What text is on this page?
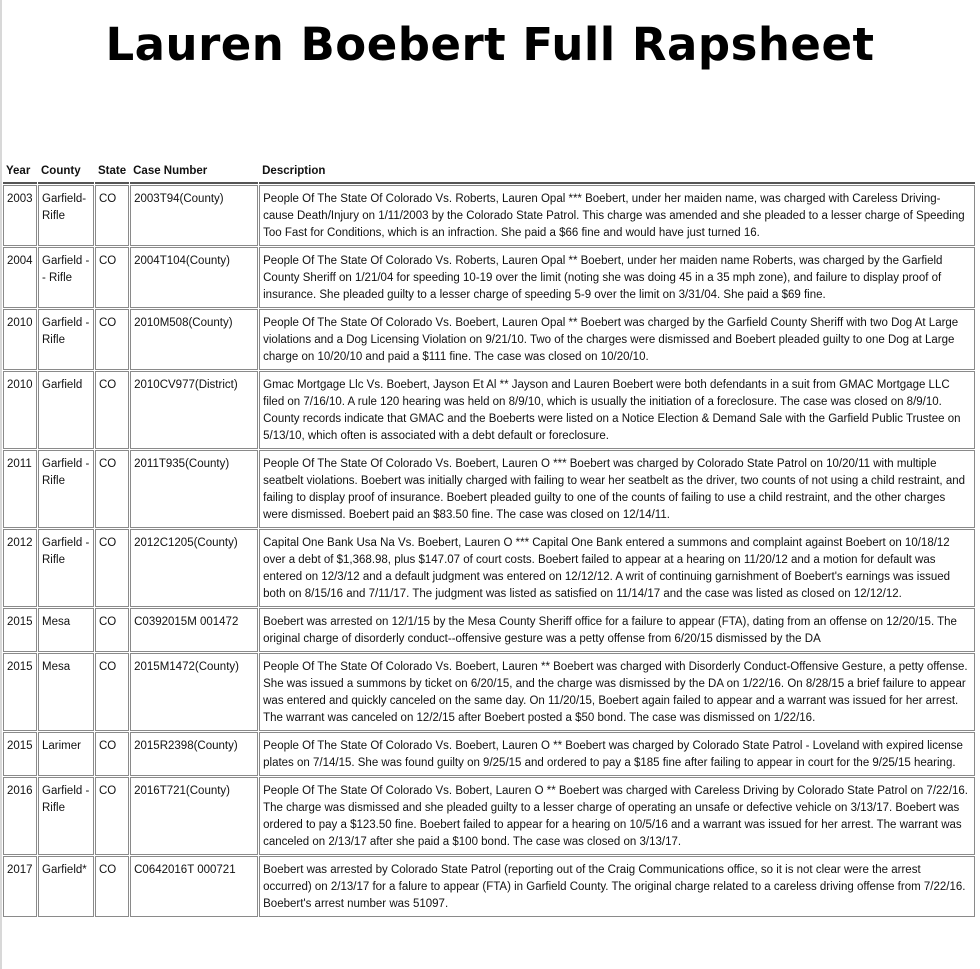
Lauren Boebert Full Rapsheet
Year	County	State	Case Number	Description
2003	Garfield-Rifle	CO	2003T94(County)	People Of The State Of Colorado Vs. Roberts, Lauren Opal *** Boebert, under her maiden name, was charged with Careless Driving-cause Death/Injury on 1/11/2003 by the Colorado State Patrol. This charge was amended and she pleaded to a lesser charge of Speeding Too Fast for Conditions, which is an infraction. She paid a $66 fine and would have just turned 16.
2004	Garfield -- Rifle	CO	2004T104(County)	People Of The State Of Colorado Vs. Roberts, Lauren Opal ** Boebert, under her maiden name Roberts, was charged by the Garfield County Sheriff on 1/21/04 for speeding 10-19 over the limit (noting she was doing 45 in a 35 mph zone), and failure to display proof of insurance. She pleaded guilty to a lesser charge of speeding 5-9 over the limit on 3/31/04. She paid a $69 fine.
2010	Garfield - Rifle	CO	2010M508(County)	People Of The State Of Colorado Vs. Boebert, Lauren Opal ** Boebert was charged by the Garfield County Sheriff with two Dog At Large violations and a Dog Licensing Violation on 9/21/10. Two of the charges were dismissed and Boebert pleaded guilty to one Dog at Large charge on 10/20/10 and paid a $111 fine. The case was closed on 10/20/10.
2010	Garfield	CO	2010CV977(District)	Gmac Mortgage Llc Vs. Boebert, Jayson Et Al ** Jayson and Lauren Boebert were both defendants in a suit from GMAC Mortgage LLC filed on 7/16/10. A rule 120 hearing was held on 8/9/10, which is usually the initiation of a foreclosure. The case was closed on 8/9/10. County records indicate that GMAC and the Boeberts were listed on a Notice Election & Demand Sale with the Garfield Public Trustee on 5/13/10, which often is associated with a debt default or foreclosure.
2011	Garfield - Rifle	CO	2011T935(County)	People Of The State Of Colorado Vs. Boebert, Lauren O *** Boebert was charged by Colorado State Patrol on 10/20/11 with multiple seatbelt violations. Boebert was initially charged with failing to wear her seatbelt as the driver, two counts of not using a child restraint, and failing to display proof of insurance. Boebert pleaded guilty to one of the counts of failing to use a child restraint, and the other charges were dismissed. Boebert paid an $83.50 fine. The case was closed on 12/14/11.
2012	Garfield - Rifle	CO	2012C1205(County)	Capital One Bank Usa Na Vs. Boebert, Lauren O *** Capital One Bank entered a summons and complaint against Boebert on 10/18/12 over a debt of $1,368.98, plus $147.07 of court costs. Boebert failed to appear at a hearing on 11/20/12 and a motion for default was entered on 12/3/12 and a default judgment was entered on 12/12/12. A writ of continuing garnishment of Boebert's earnings was issued both on 8/15/16 and 7/11/17. The judgment was listed as satisfied on 11/14/17 and the case was listed as closed on 12/12/12.
2015	Mesa	CO	C0392015M 001472	Boebert was arrested on 12/1/15 by the Mesa County Sheriff office for a failure to appear (FTA), dating from an offense on 12/20/15. The original charge of disorderly conduct--offensive gesture was a petty offense from 6/20/15 dismissed by the DA
2015	Mesa	CO	2015M1472(County)	People Of The State Of Colorado Vs. Boebert, Lauren ** Boebert was charged with Disorderly Conduct-Offensive Gesture, a petty offense. She was issued a summons by ticket on 6/20/15, and the charge was dismissed by the DA on 1/22/16. On 8/28/15 a brief failure to appear was entered and quickly canceled on the same day. On 11/20/15, Boebert again failed to appear and a warrant was issued for her arrest. The warrant was canceled on 12/2/15 after Boebert posted a $50 bond. The case was dismissed on 1/22/16.
2015	Larimer	CO	2015R2398(County)	People Of The State Of Colorado Vs. Boebert, Lauren O ** Boebert was charged by Colorado State Patrol - Loveland with expired license plates on 7/14/15. She was found guilty on 9/25/15 and ordered to pay a $185 fine after failing to appear in court for the 9/25/15 hearing.
2016	Garfield - Rifle	CO	2016T721(County)	People Of The State Of Colorado Vs. Bobert, Lauren O ** Boebert was charged with Careless Driving by Colorado State Patrol on 7/22/16. The charge was dismissed and she pleaded guilty to a lesser charge of operating an unsafe or defective vehicle on 3/13/17. Boebert was ordered to pay a $123.50 fine. Boebert failed to appear for a hearing on 10/5/16 and a warrant was issued for her arrest. The warrant was canceled on 2/13/17 after she paid a $100 bond. The case was closed on 3/13/17.
2017	Garfield*	CO	C0642016T 000721	Boebert was arrested by Colorado State Patrol (reporting out of the Craig Communications office, so it is not clear were the arrest occurred) on 2/13/17 for a falure to appear (FTA) in Garfield County. The original charge related to a careless driving offense from 7/22/16. Boebert's arrest number was 51097.
